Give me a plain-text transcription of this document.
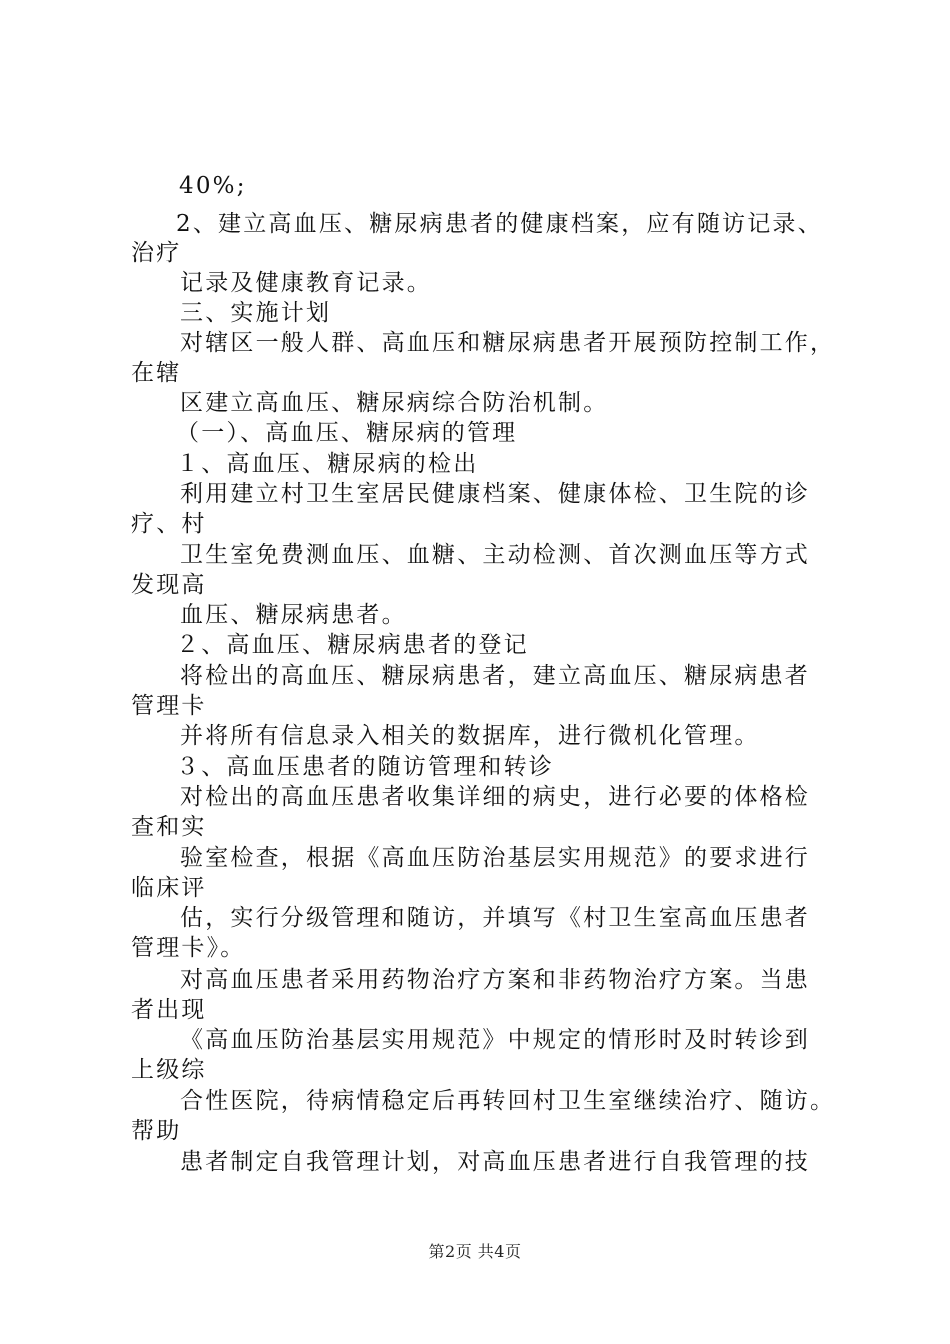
40%;
2、建立高血压、糖尿病患者的健康档案，应有随访记录、
治疗
记录及健康教育记录。
三、实施计划
对辖区一般人群、高血压和糖尿病患者开展预防控制工作，
在辖
区建立高血压、糖尿病综合防治机制。
（一）、高血压、糖尿病的管理
１、高血压、糖尿病的检出
利用建立村卫生室居民健康档案、健康体检、卫生院的诊
疗、村
卫生室免费测血压、血糖、主动检测、首次测血压等方式
发现高
血压、糖尿病患者。
２、高血压、糖尿病患者的登记
将检出的高血压、糖尿病患者，建立高血压、糖尿病患者
管理卡
并将所有信息录入相关的数据库，进行微机化管理。
３、高血压患者的随访管理和转诊
对检出的高血压患者收集详细的病史，进行必要的体格检
查和实
验室检查，根据《高血压防治基层实用规范》的要求进行
临床评
估，实行分级管理和随访，并填写《村卫生室高血压患者
管理卡》。
对高血压患者采用药物治疗方案和非药物治疗方案。当患
者出现
《高血压防治基层实用规范》中规定的情形时及时转诊到
上级综
合性医院，待病情稳定后再转回村卫生室继续治疗、随访。
帮助
患者制定自我管理计划，对高血压患者进行自我管理的技
第2页 共4页
